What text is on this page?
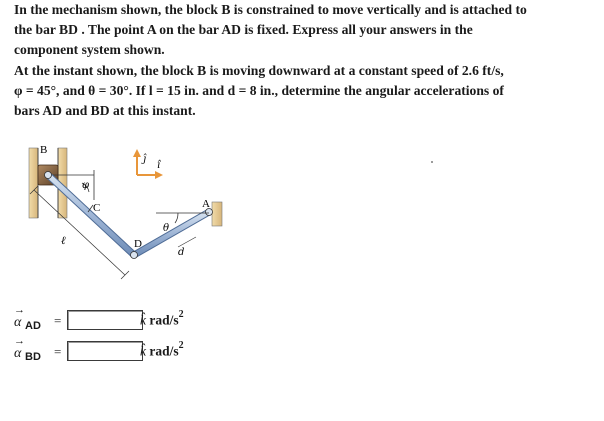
In the mechanism shown, the block B is constrained to move vertically and is attached to
the bar BD . The point A on the bar AD is fixed. Express all your answers in the
component system shown.
At the instant shown, the block B is moving downward at a constant speed of 2.6 ft/s,
φ = 45°, and θ = 30°. If l = 15 in. and d = 8 in., determine the angular accelerations of
bars AD and BD at this instant.
B
φ
C
D
ℓ
A
θ
d
ĵ
î
→
α AD =	k̂ rad/$s^2$
→
α BD =	k̂ rad/$s^2$
